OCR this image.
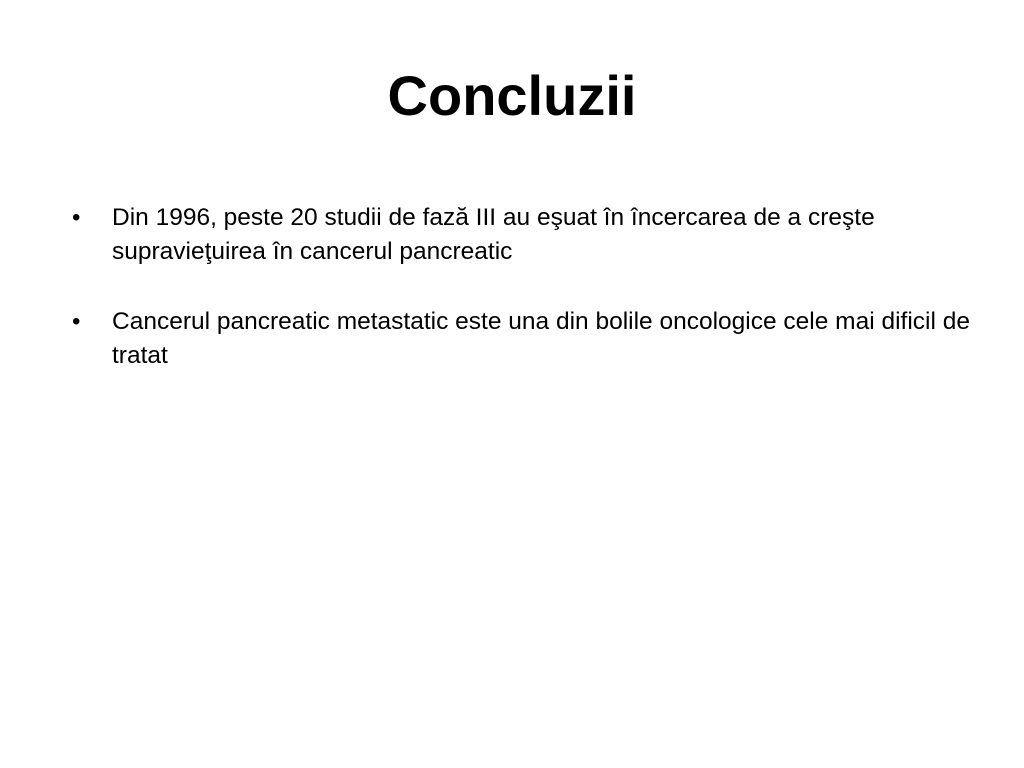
Concluzii
• Din 1996, peste 20 studii de fază III au eşuat în încercarea de a creşte supravieţuirea în cancerul pancreatic
• Cancerul pancreatic metastatic este una din bolile oncologice cele mai dificil de tratat
